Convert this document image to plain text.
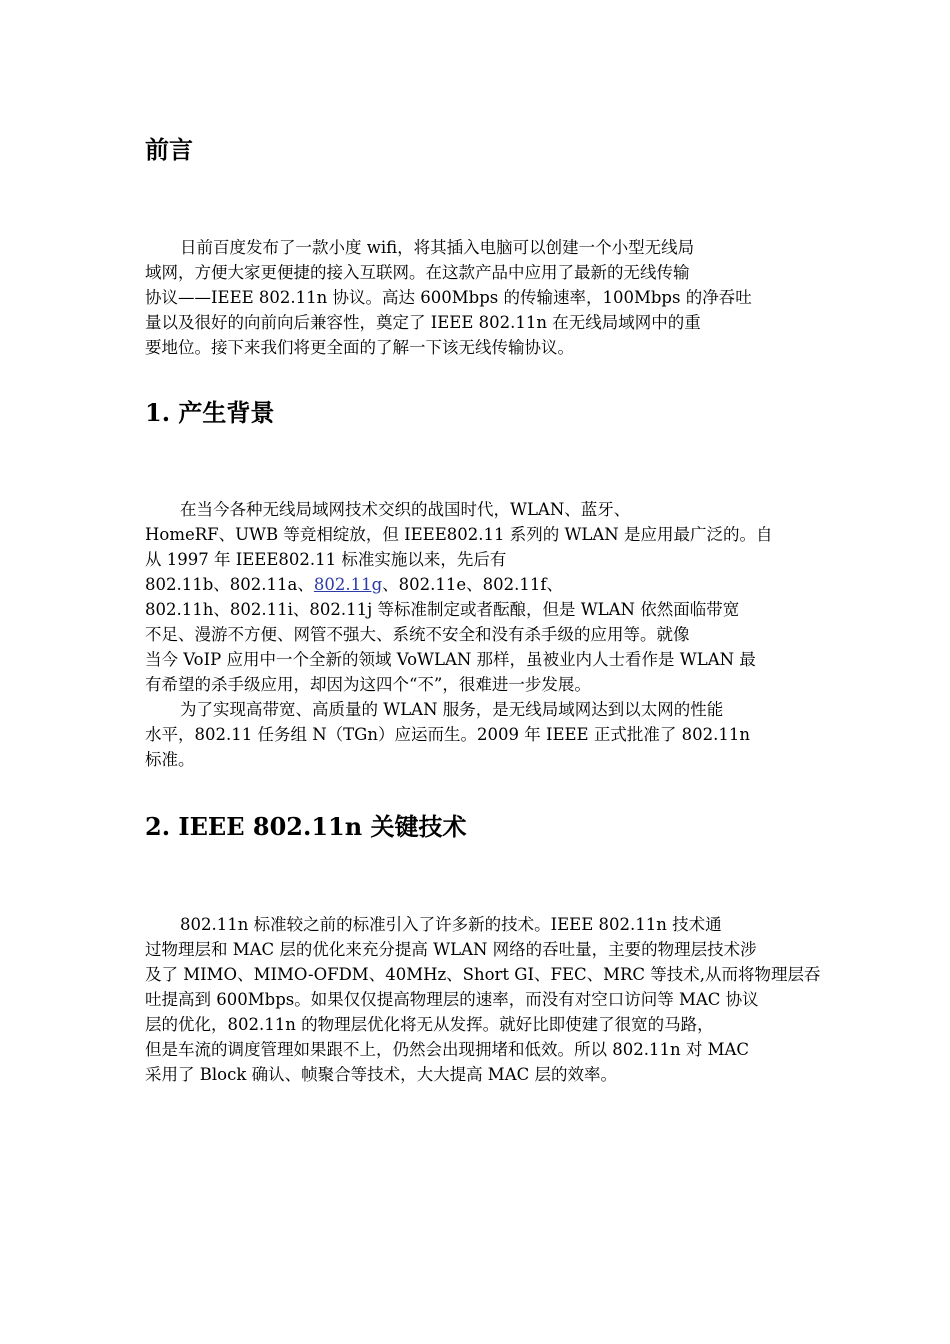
前言

日前百度发布了一款小度 wifi，将其插入电脑可以创建一个小型无线局
域网，方便大家更便捷的接入互联网。在这款产品中应用了最新的无线传输
协议——IEEE 802.11n 协议。高达 600Mbps 的传输速率，100Mbps 的净吞吐
量以及很好的向前向后兼容性，奠定了 IEEE 802.11n 在无线局域网中的重
要地位。接下来我们将更全面的了解一下该无线传输协议。

1. 产生背景

在当今各种无线局域网技术交织的战国时代，WLAN、蓝牙、
HomeRF、UWB 等竞相绽放，但 IEEE802.11 系列的 WLAN 是应用最广泛的。自
从 1997 年 IEEE802.11 标准实施以来，先后有
802.11b、802.11a、802.11g、802.11e、802.11f、
802.11h、802.11i、802.11j 等标准制定或者酝酿，但是 WLAN 依然面临带宽
不足、漫游不方便、网管不强大、系统不安全和没有杀手级的应用等。就像
当今 VoIP 应用中一个全新的领域 VoWLAN 那样，虽被业内人士看作是 WLAN 最
有希望的杀手级应用，却因为这四个“不”，很难进一步发展。

为了实现高带宽、高质量的 WLAN 服务，是无线局域网达到以太网的性能
水平，802.11 任务组 N（TGn）应运而生。2009 年 IEEE 正式批准了 802.11n
标准。

2. IEEE 802.11n 关键技术

802.11n 标准较之前的标准引入了许多新的技术。IEEE 802.11n 技术通
过物理层和 MAC 层的优化来充分提高 WLAN 网络的吞吐量，主要的物理层技术涉
及了 MIMO、MIMO-OFDM、40MHz、Short GI、FEC、MRC 等技术,从而将物理层吞
吐提高到 600Mbps。如果仅仅提高物理层的速率，而没有对空口访问等 MAC 协议
层的优化，802.11n 的物理层优化将无从发挥。就好比即使建了很宽的马路，
但是车流的调度管理如果跟不上，仍然会出现拥堵和低效。所以 802.11n 对 MAC
采用了 Block 确认、帧聚合等技术，大大提高 MAC 层的效率。
